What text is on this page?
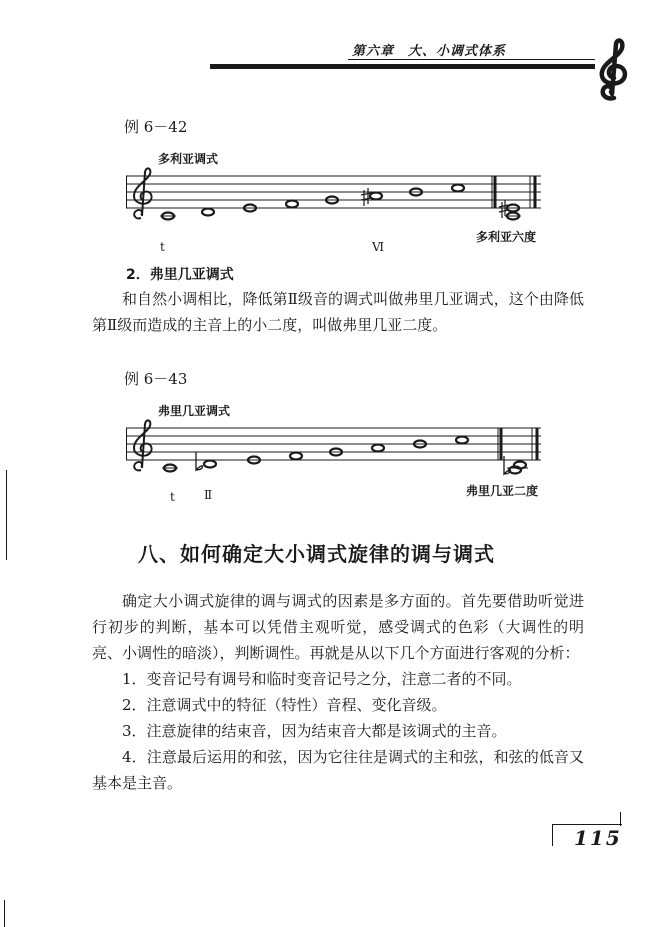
第六章　大、小调式体系
例 6－42
多利亚调式
t	Ⅵ
多利亚六度
2．弗里几亚调式

和自然小调相比，降低第Ⅱ级音的调式叫做弗里几亚调式，这个由降低第Ⅱ级而造成的主音上的小二度，叫做弗里几亚二度。

例 6－43
弗里几亚调式
t Ⅱ	弗里几亚二度
八、如何确定大小调式旋律的调与调式

确定大小调式旋律的调与调式的因素是多方面的。首先要借助听觉进行初步的判断，基本可以凭借主观听觉，感受调式的色彩（大调性的明亮、小调性的暗淡），判断调性。再就是从以下几个方面进行客观的分析：

1．变音记号有调号和临时变音记号之分，注意二者的不同。

2．注意调式中的特征（特性）音程、变化音级。

3．注意旋律的结束音，因为结束音大都是该调式的主音。

4．注意最后运用的和弦，因为它往往是调式的主和弦，和弦的低音又基本是主音。

115
